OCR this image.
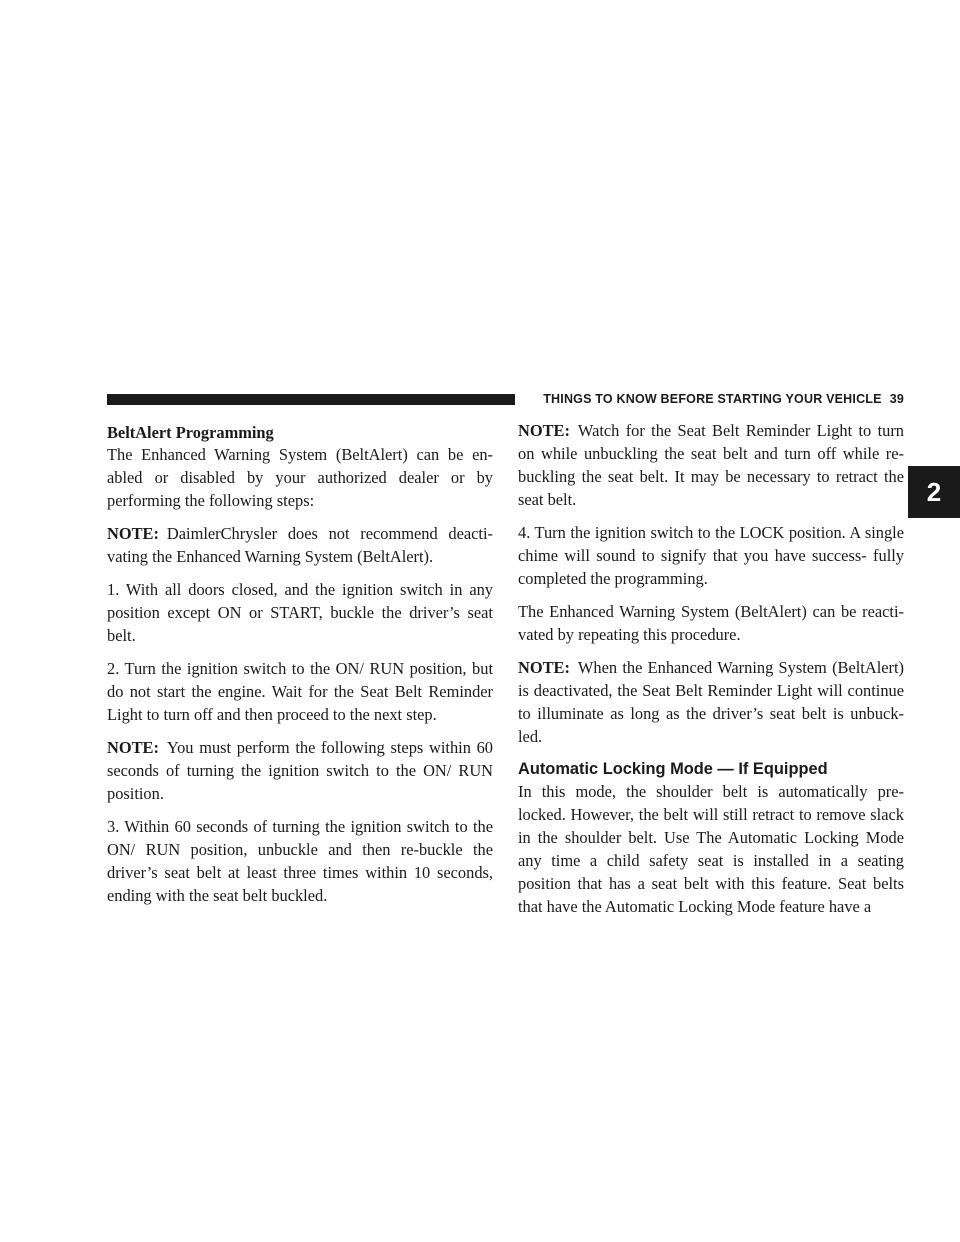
THINGS TO KNOW BEFORE STARTING YOUR VEHICLE 39
2
BeltAlert Programming

The Enhanced Warning System (BeltAlert) can be en- abled or disabled by your authorized dealer or by performing the following steps:

NOTE: DaimlerChrysler does not recommend deacti- vating the Enhanced Warning System (BeltAlert).

1. With all doors closed, and the ignition switch in any position except ON or START, buckle the driver’s seat belt.

2. Turn the ignition switch to the ON/ RUN position, but do not start the engine. Wait for the Seat Belt Reminder Light to turn off and then proceed to the next step.

NOTE: You must perform the following steps within 60 seconds of turning the ignition switch to the ON/ RUN position.

3. Within 60 seconds of turning the ignition switch to the ON/ RUN position, unbuckle and then re-buckle the driver’s seat belt at least three times within 10 seconds, ending with the seat belt buckled.

NOTE: Watch for the Seat Belt Reminder Light to turn on while unbuckling the seat belt and turn off while re-buckling the seat belt. It may be necessary to retract the seat belt.

4. Turn the ignition switch to the LOCK position. A single chime will sound to signify that you have success- fully completed the programming.

The Enhanced Warning System (BeltAlert) can be reacti- vated by repeating this procedure.

NOTE: When the Enhanced Warning System (BeltAlert) is deactivated, the Seat Belt Reminder Light will continue to illuminate as long as the driver’s seat belt is unbuck- led.

Automatic Locking Mode — If Equipped

In this mode, the shoulder belt is automatically pre- locked. However, the belt will still retract to remove slack in the shoulder belt. Use The Automatic Locking Mode any time a child safety seat is installed in a seating position that has a seat belt with this feature. Seat belts that have the Automatic Locking Mode feature have a
